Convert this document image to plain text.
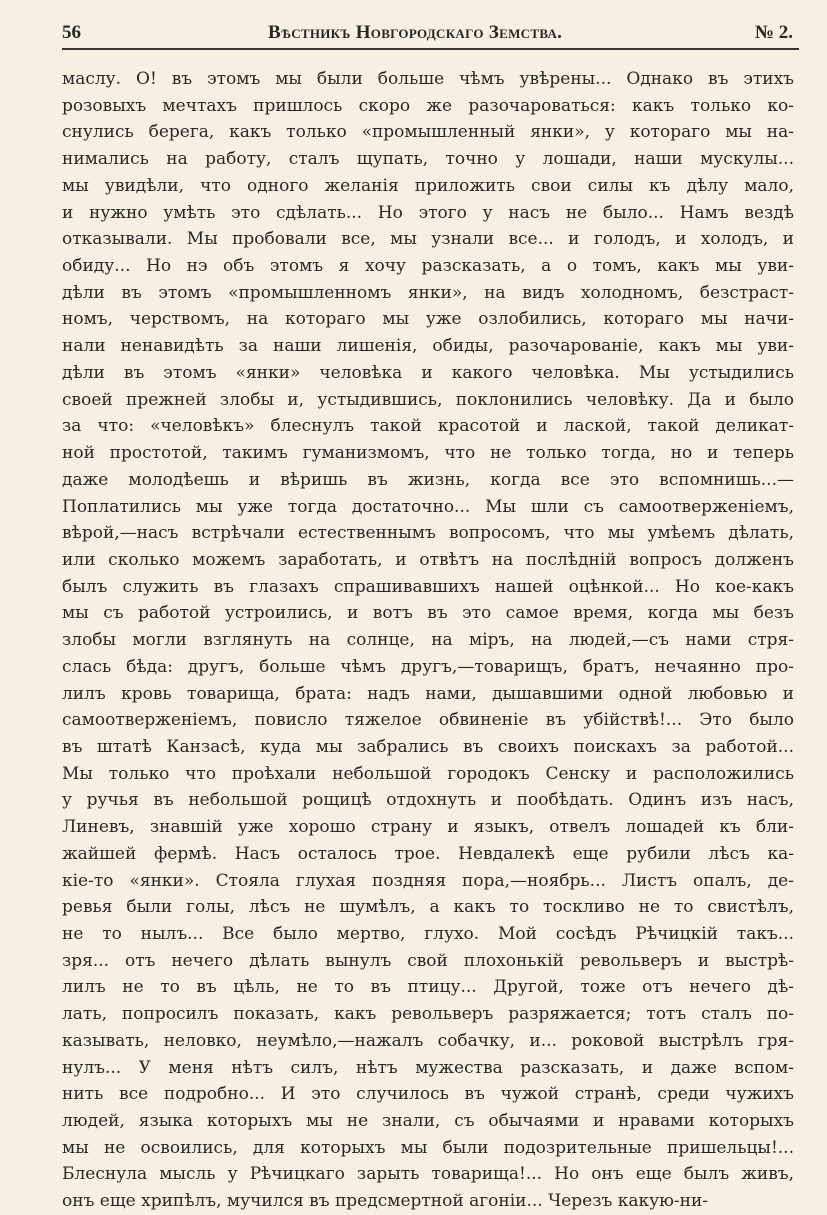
56	Вѣстникъ Новгородскаго Земства.	№ 2.
маслу. О! въ этомъ мы были больше чѣмъ увѣрены... Однако въ этихъ
розовыхъ мечтахъ пришлось скоро же разочароваться: какъ только ко-
снулись берега, какъ только «промышленный янки», у котораго мы на-
нимались на работу, сталъ щупать, точно у лошади, наши мускулы...
мы увидѣли, что одного желанія приложить свои силы къ дѣлу мало,
и нужно умѣть это сдѣлать... Но этого у насъ не было... Намъ вездѣ
отказывали. Мы пробовали все, мы узнали все... и голодъ, и холодъ, и
обиду... Но нэ объ этомъ я хочу разсказать, а о томъ, какъ мы уви-
дѣли въ этомъ «промышленномъ янки», на видъ холодномъ, безстраст-
номъ, черствомъ, на котораго мы уже озлобились, котораго мы начи-
нали ненавидѣть за наши лишенія, обиды, разочарованіе, какъ мы уви-
дѣли въ этомъ «янки» человѣка и какого человѣка. Мы устыдились
своей прежней злобы и, устыдившись, поклонились человѣку. Да и было
за что: «человѣкъ» блеснулъ такой красотой и лаской, такой деликат-
ной простотой, такимъ гуманизмомъ, что не только тогда, но и теперь
даже молодѣешь и вѣришь въ жизнь, когда все это вспомнишь...—
Поплатились мы уже тогда достаточно... Мы шли съ самоотверженіемъ,
вѣрой,—насъ встрѣчали естественнымъ вопросомъ, что мы умѣемъ дѣлать,
или сколько можемъ заработать, и отвѣтъ на послѣдній вопросъ долженъ
былъ служить въ глазахъ спрашивавшихъ нашей оцѣнкой... Но кое-какъ
мы съ работой устроились, и вотъ въ это самое время, когда мы безъ
злобы могли взглянуть на солнце, на міръ, на людей,—съ нами стря-
слась бѣда: другъ, больше чѣмъ другъ,—товарищъ, братъ, нечаянно про-
лилъ кровь товарища, брата: надъ нами, дышавшими одной любовью и
самоотверженіемъ, повисло тяжелое обвиненіе въ убійствѣ!... Это было
въ штатѣ Канзасѣ, куда мы забрались въ своихъ поискахъ за работой...
Мы только что проѣхали небольшой городокъ Сенску и расположились
у ручья въ небольшой рощицѣ отдохнуть и пообѣдать. Одинъ изъ насъ,
Линевъ, знавшій уже хорошо страну и языкъ, отвелъ лошадей къ бли-
жайшей фермѣ. Насъ осталось трое. Невдалекѣ еще рубили лѣсъ ка-
кіе-то «янки». Стояла глухая поздняя пора,—ноябрь... Листъ опалъ, де-
ревья были голы, лѣсъ не шумѣлъ, а какъ то тоскливо не то свистѣлъ,
не то нылъ... Все было мертво, глухо. Мой сосѣдъ Рѣчицкій такъ...
зря... отъ нечего дѣлать вынулъ свой плохонькій револьверъ и выстрѣ-
лилъ не то въ цѣль, не то въ птицу... Другой, тоже отъ нечего дѣ-
лать, попросилъ показать, какъ револьверъ разряжается; тотъ сталъ по-
казывать, неловко, неумѣло,—нажалъ собачку, и... роковой выстрѣлъ гря-
нулъ... У меня нѣтъ силъ, нѣтъ мужества разсказать, и даже вспом-
нить все подробно... И это случилось въ чужой странѣ, среди чужихъ
людей, языка которыхъ мы не знали, съ обычаями и нравами которыхъ
мы не освоились, для которыхъ мы были подозрительные пришельцы!...
Блеснула мысль у Рѣчицкаго зарыть товарища!... Но онъ еще былъ живъ,
онъ еще хрипѣлъ, мучился въ предсмертной агоніи... Черезъ какую-ни-
